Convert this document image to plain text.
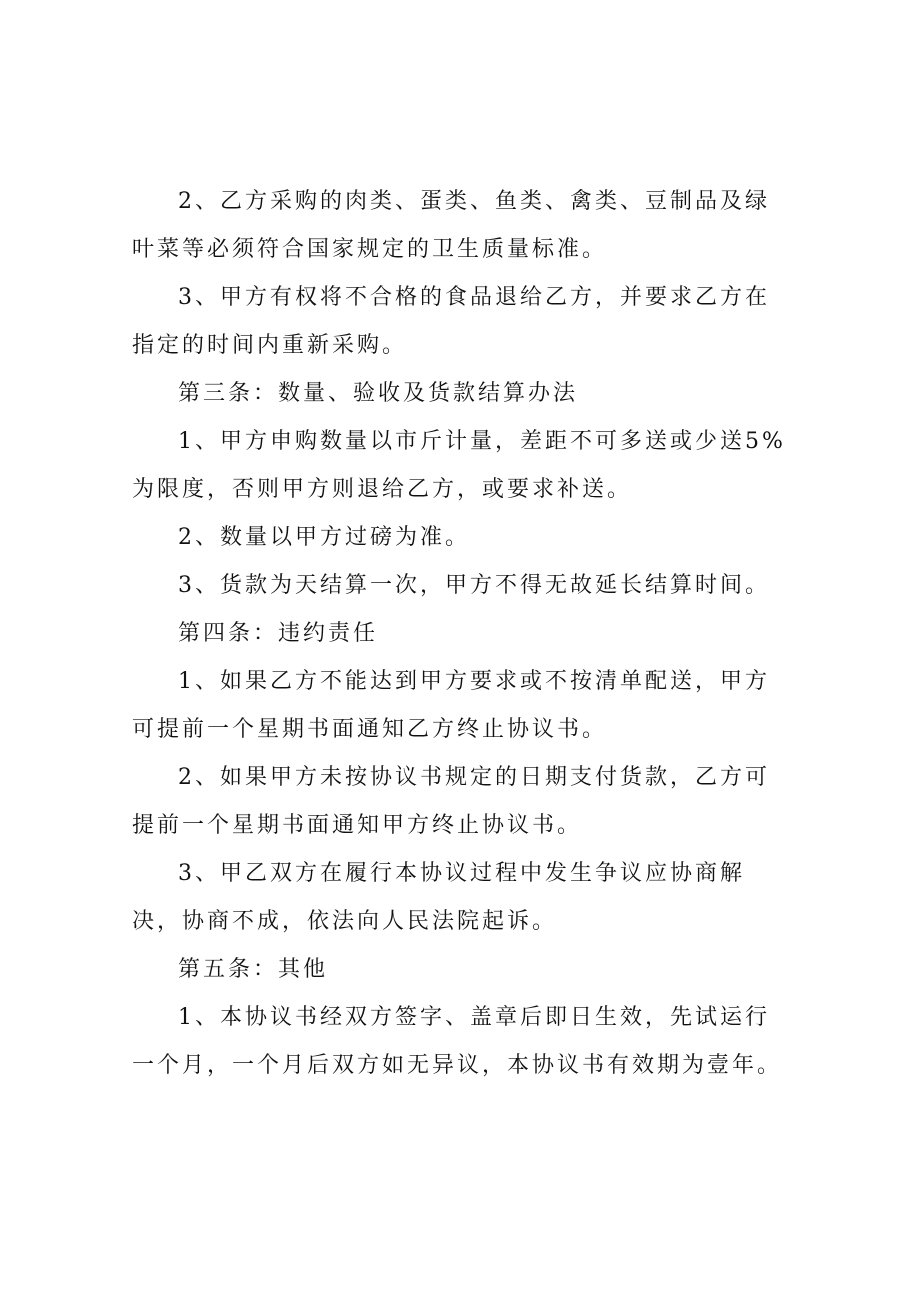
2、乙方采购的肉类、蛋类、鱼类、禽类、豆制品及绿叶菜等必须符合国家规定的卫生质量标准。

3、甲方有权将不合格的食品退给乙方，并要求乙方在指定的时间内重新采购。

第三条：数量、验收及货款结算办法

1、甲方申购数量以市斤计量，差距不可多送或少送5%为限度，否则甲方则退给乙方，或要求补送。

2、数量以甲方过磅为准。

3、货款为天结算一次，甲方不得无故延长结算时间。

第四条：违约责任

1、如果乙方不能达到甲方要求或不按清单配送，甲方可提前一个星期书面通知乙方终止协议书。

2、如果甲方未按协议书规定的日期支付货款，乙方可提前一个星期书面通知甲方终止协议书。

3、甲乙双方在履行本协议过程中发生争议应协商解决，协商不成，依法向人民法院起诉。

第五条：其他

1、本协议书经双方签字、盖章后即日生效，先试运行一个月，一个月后双方如无异议，本协议书有效期为壹年。
